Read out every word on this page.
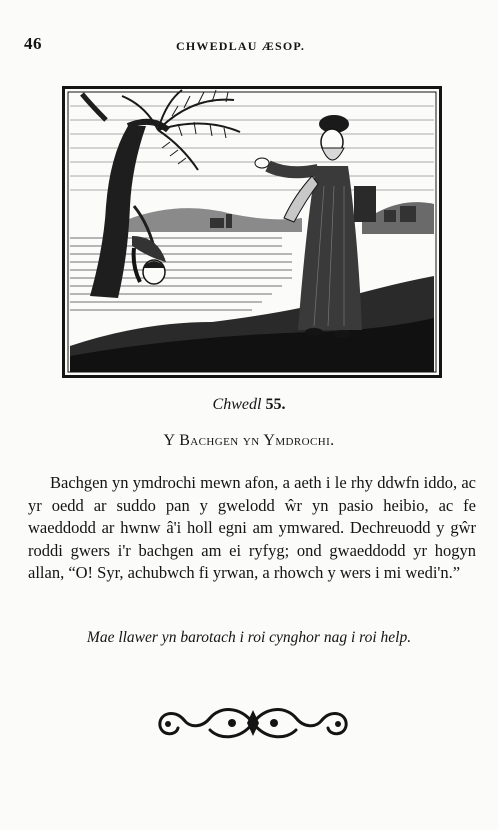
46	CHWEDLAU ÆSOP.
Chwedl 55.
Y Bachgen yn Ymdrochi.

Bachgen yn ymdrochi mewn afon, a aeth i le rhy ddwfn iddo, ac yr oedd ar suddo pan y gwelodd ŵr yn pasio heibio, ac fe waeddodd ar hwnw â'i holl egni am ymwared. Dechreuodd y gŵr roddi gwers i'r bachgen am ei ryfyg; ond gwaeddodd yr hogyn allan, “O! Syr, achubwch fi yrwan, a rhowch y wers i mi wedi'n.”

Mae llawer yn barotach i roi cynghor nag i roi help.
